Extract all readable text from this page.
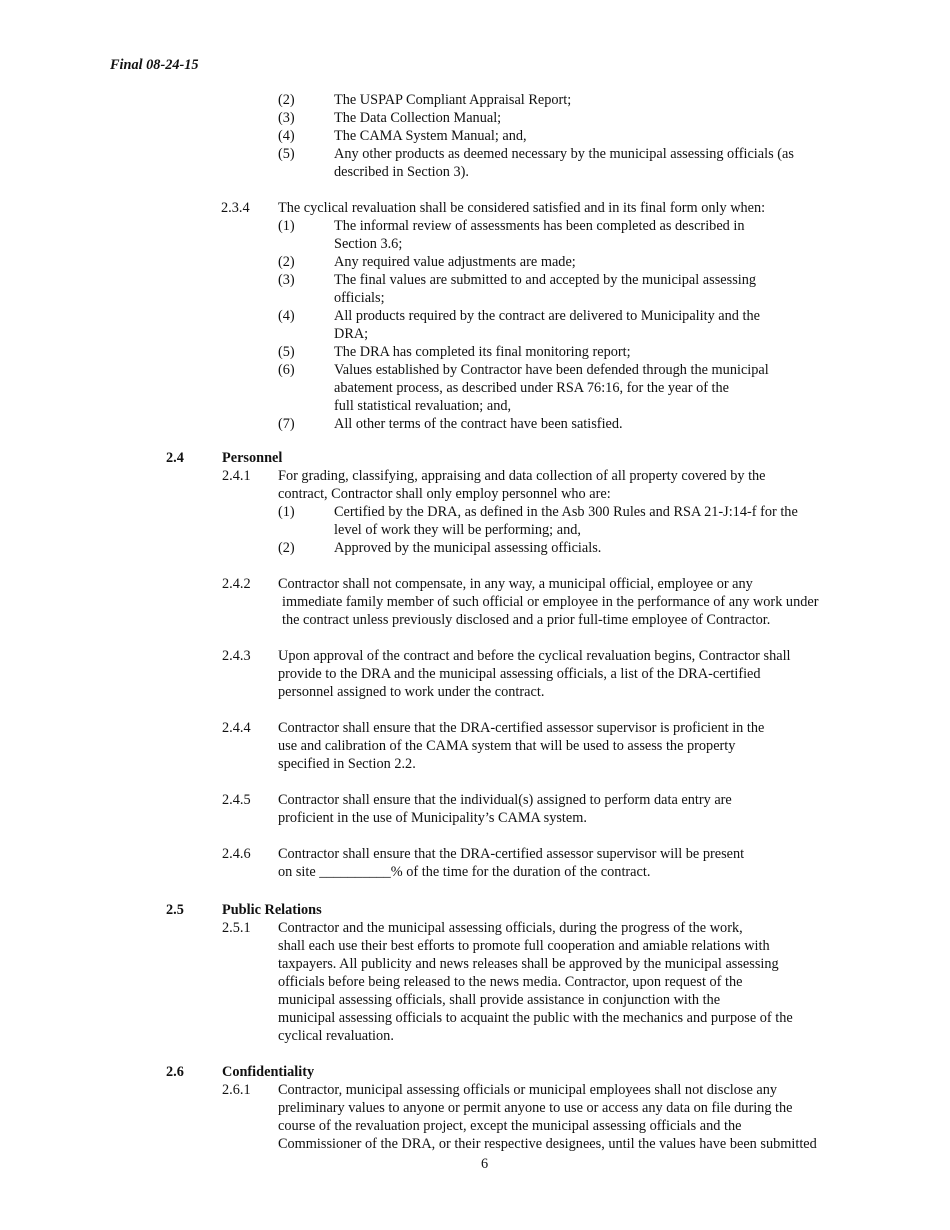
Final 08-24-15
(2)	The USPAP Compliant Appraisal Report;
(3)	The Data Collection Manual;
(4)	The CAMA System Manual; and,
(5)	Any other products as deemed necessary by the municipal assessing officials (as
described in Section 3).
2.3.4 The cyclical revaluation shall be considered satisfied and in its final form only when:
(1)	The informal review of assessments has been completed as described in
Section 3.6;
(2)	Any required value adjustments are made;
(3)	The final values are submitted to and accepted by the municipal assessing
officials;
(4)	All products required by the contract are delivered to Municipality and the
DRA;
(5)	The DRA has completed its final monitoring report;
(6)	Values established by Contractor have been defended through the municipal
abatement process, as described under RSA 76:16, for the year of the
full statistical revaluation; and,
(7)	All other terms of the contract have been satisfied.
2.4	Personnel
2.4.1 For grading, classifying, appraising and data collection of all property covered by the
contract, Contractor shall only employ personnel who are:
(1)	Certified by the DRA, as defined in the Asb 300 Rules and RSA 21-J:14-f for the
level of work they will be performing; and,
(2)	Approved by the municipal assessing officials.
2.4.2 Contractor shall not compensate, in any way, a municipal official, employee or any
immediate family member of such official or employee in the performance of any work under
the contract unless previously disclosed and a prior full-time employee of Contractor.
2.4.3 Upon approval of the contract and before the cyclical revaluation begins, Contractor shall
provide to the DRA and the municipal assessing officials, a list of the DRA-certified
personnel assigned to work under the contract.
2.4.4 Contractor shall ensure that the DRA-certified assessor supervisor is proficient in the
use and calibration of the CAMA system that will be used to assess the property
specified in Section 2.2.
2.4.5 Contractor shall ensure that the individual(s) assigned to perform data entry are
proficient in the use of Municipality’s CAMA system.
2.4.6 Contractor shall ensure that the DRA-certified assessor supervisor will be present
on site __________% of the time for the duration of the contract.
2.5	Public Relations
2.5.1 Contractor and the municipal assessing officials, during the progress of the work,
shall each use their best efforts to promote full cooperation and amiable relations with
taxpayers. All publicity and news releases shall be approved by the municipal assessing
officials before being released to the news media. Contractor, upon request of the
municipal assessing officials, shall provide assistance in conjunction with the
municipal assessing officials to acquaint the public with the mechanics and purpose of the
cyclical revaluation.
2.6	Confidentiality
2.6.1 Contractor, municipal assessing officials or municipal employees shall not disclose any
preliminary values to anyone or permit anyone to use or access any data on file during the
course of the revaluation project, except the municipal assessing officials and the
Commissioner of the DRA, or their respective designees, until the values have been submitted
6
